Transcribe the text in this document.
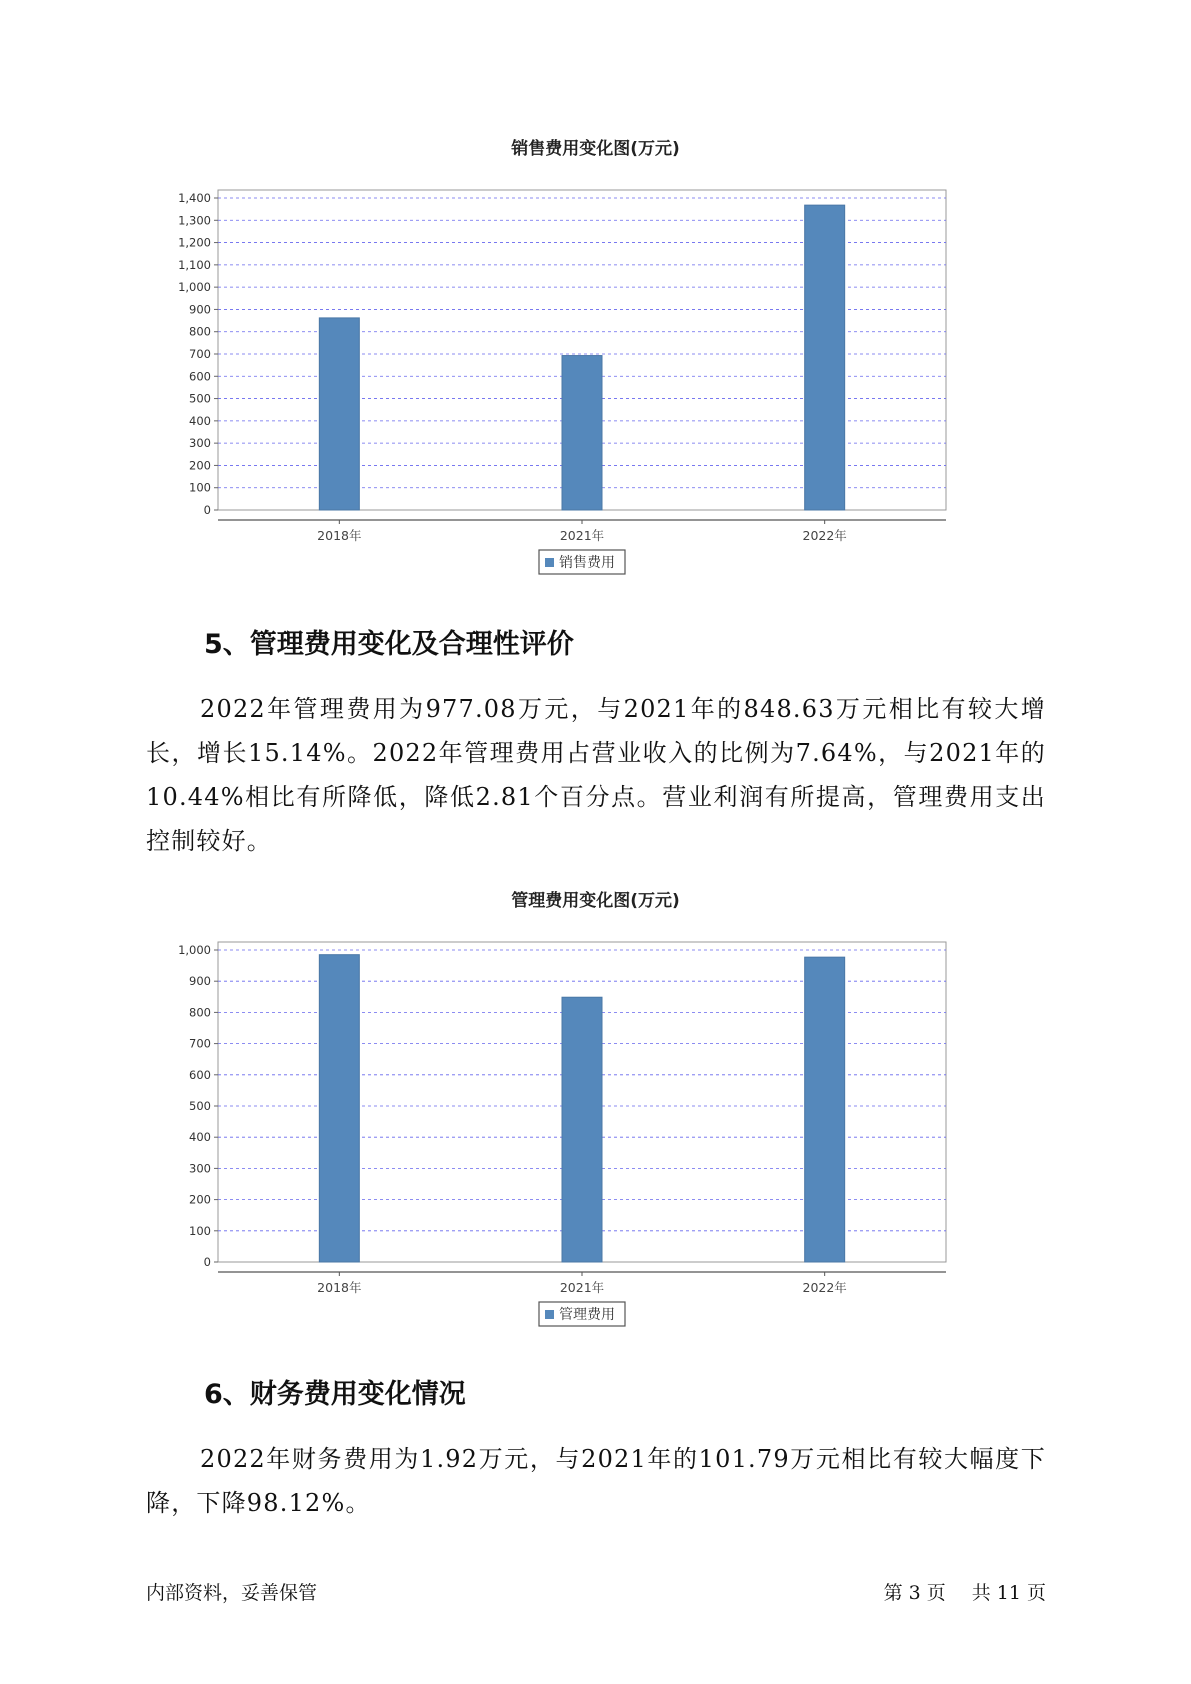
销售费用变化图(万元)
0
100
200
300
400
500
600
700
800
900
1,000
1,100
1,200
1,300
1,400
2018年	2021年	2022年
销售费用
5、管理费用变化及合理性评价

2022年管理费用为977.08万元，与2021年的848.63万元相比有较大增长，增长15.14%。2022年管理费用占营业收入的比例为7.64%，与2021年的10.44%相比有所降低，降低2.81个百分点。营业利润有所提高，管理费用支出控制较好。

管理费用变化图(万元)
0
100
200
300
400
500
600
700
800
900
1,000
2018年	2021年	2022年
管理费用
6、财务费用变化情况

2022年财务费用为1.92万元，与2021年的101.79万元相比有较大幅度下降，下降98.12%。

内部资料，妥善保管	第 3 页 共 11 页
